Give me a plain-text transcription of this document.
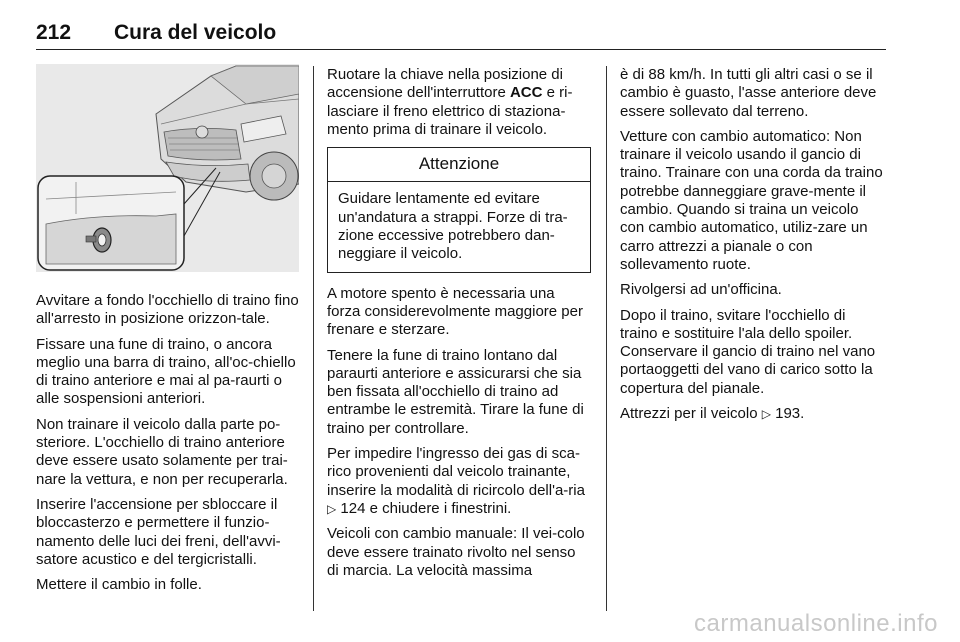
212 Cura del veicolo

Avvitare a fondo l'occhiello di traino fino all'arresto in posizione orizzon-tale.

Fissare una fune di traino, o ancora meglio una barra di traino, all'oc-chiello di traino anteriore e mai al pa-raurti o alle sospensioni anteriori.

Non trainare il veicolo dalla parte po-steriore. L'occhiello di traino anteriore deve essere usato solamente per trai-nare la vettura, e non per recuperarla.

Inserire l'accensione per sbloccare il bloccasterzo e permettere il funzio-namento delle luci dei freni, dell'avvi-satore acustico e del tergicristalli.

Mettere il cambio in folle.

Ruotare la chiave nella posizione di accensione dell'interruttore ACC e ri-lasciare il freno elettrico di staziona-mento prima di trainare il veicolo.

Attenzione
Guidare lentamente ed evitare un'andatura a strappi. Forze di tra-zione eccessive potrebbero dan-neggiare il veicolo.

A motore spento è necessaria una forza considerevolmente maggiore per frenare e sterzare.

Tenere la fune di traino lontano dal paraurti anteriore e assicurarsi che sia ben fissata all'occhiello di traino ad entrambe le estremità. Tirare la fune di traino per controllare.

Per impedire l'ingresso dei gas di sca-rico provenienti dal veicolo trainante, inserire la modalità di ricircolo dell'a-ria ▷ 124 e chiudere i finestrini.

Veicoli con cambio manuale: Il vei-colo deve essere trainato rivolto nel senso di marcia. La velocità massima

è di 88 km/h. In tutti gli altri casi o se il cambio è guasto, l'asse anteriore deve essere sollevato dal terreno.

Vetture con cambio automatico: Non trainare il veicolo usando il gancio di traino. Trainare con una corda da traino potrebbe danneggiare grave-mente il cambio. Quando si traina un veicolo con cambio automatico, utiliz-zare un carro attrezzi a pianale o con sollevamento ruote.

Rivolgersi ad un'officina.

Dopo il traino, svitare l'occhiello di traino e sostituire l'ala dello spoiler. Conservare il gancio di traino nel vano portaoggetti del vano di carico sotto la copertura del pianale.

Attrezzi per il veicolo ▷ 193.

carmanualsonline.info
